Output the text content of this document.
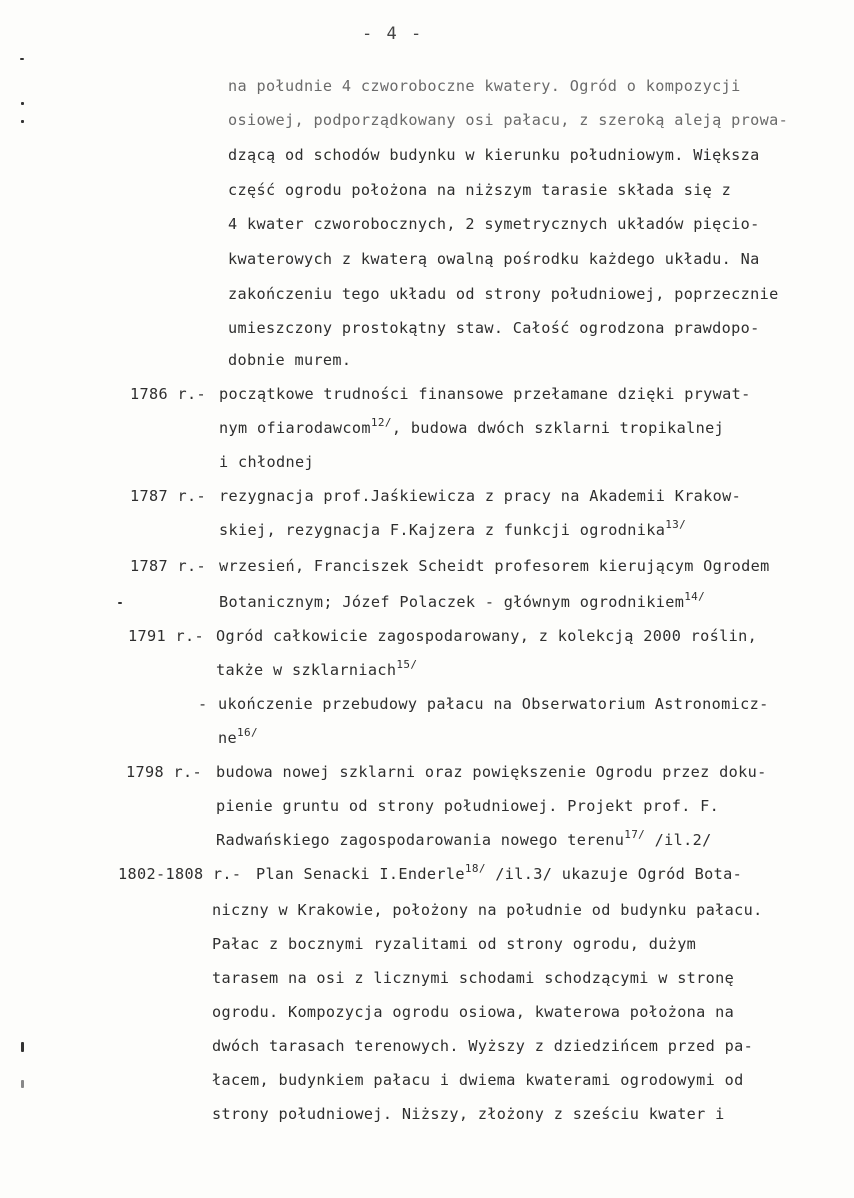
- 4 -
na południe 4 czworoboczne kwatery. Ogród o kompozycji
osiowej, podporządkowany osi pałacu, z szeroką aleją prowa-
dzącą od schodów budynku w kierunku południowym. Większa
część ogrodu położona na niższym tarasie składa się z
4 kwater czworobocznych, 2 symetrycznych układów pięcio-
kwaterowych z kwaterą owalną pośrodku każdego układu. Na
zakończeniu tego układu od strony południowej, poprzecznie
umieszczony prostokątny staw. Całość ogrodzona prawdopo-
dobnie murem.
1786 r.- początkowe trudności finansowe przełamane dzięki prywat-
nym ofiarodawcom$^{12/}$, budowa dwóch szklarni tropikalnej
i chłodnej
1787 r.- rezygnacja prof.Jaśkiewicza z pracy na Akademii Krakow-
skiej, rezygnacja F.Kajzera z funkcji ogrodnika$^{13/}$
1787 r.- wrzesień, Franciszek Scheidt profesorem kierującym Ogrodem
Botanicznym; Józef Polaczek - głównym ogrodnikiem$^{14/}$
1791 r.- Ogród całkowicie zagospodarowany, z kolekcją 2000 roślin,
także w szklarniach$^{15/}$
- ukończenie przebudowy pałacu na Obserwatorium Astronomicz-
$ne^{16/}$
1798 r.- budowa nowej szklarni oraz powiększenie Ogrodu przez doku-
pienie gruntu od strony południowej. Projekt prof. F.
Radwańskiego zagospodarowania nowego terenu$^{17/}$ /il.2/
1802-1808 r.- Plan Senacki I.Enderle$^{18/}$ /il.3/ ukazuje Ogród Bota-
niczny w Krakowie, położony na południe od budynku pałacu.
Pałac z bocznymi ryzalitami od strony ogrodu, dużym
tarasem na osi z licznymi schodami schodzącymi w stronę
ogrodu. Kompozycja ogrodu osiowa, kwaterowa położona na
dwóch tarasach terenowych. Wyższy z dziedzińcem przed pa-
łacem, budynkiem pałacu i dwiema kwaterami ogrodowymi od
strony południowej. Niższy, złożony z sześciu kwater i
